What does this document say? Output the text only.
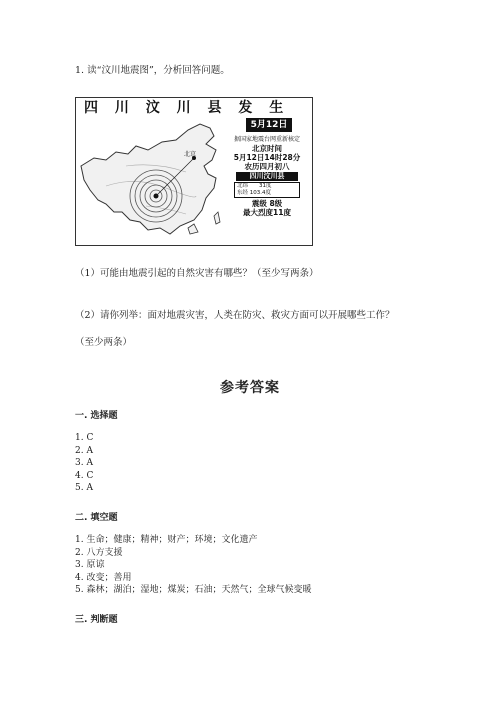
1. 读“汶川地震图”，分析回答问题。
四 川 汶 川 县 发 生
北京
5月12日
据国家地震台网重新核定
北京时间
5月12日14时28分
农历四月初八
四川汶川县
北纬　　31度
东经 103.4度
震级 8级
最大烈度11度
（1）可能由地震引起的自然灾害有哪些？（至少写两条）
（2）请你列举：面对地震灾害，人类在防灾、救灾方面可以开展哪些工作？
（至少两条）
参考答案
一. 选择题
1. C
2. A
3. A
4. C
5. A
二. 填空题
1. 生命；健康；精神；财产；环境；文化遗产
2. 八方支援
3. 原谅
4. 改变；善用
5. 森林；湖泊；湿地；煤炭；石油；天然气；全球气候变暖
三. 判断题
